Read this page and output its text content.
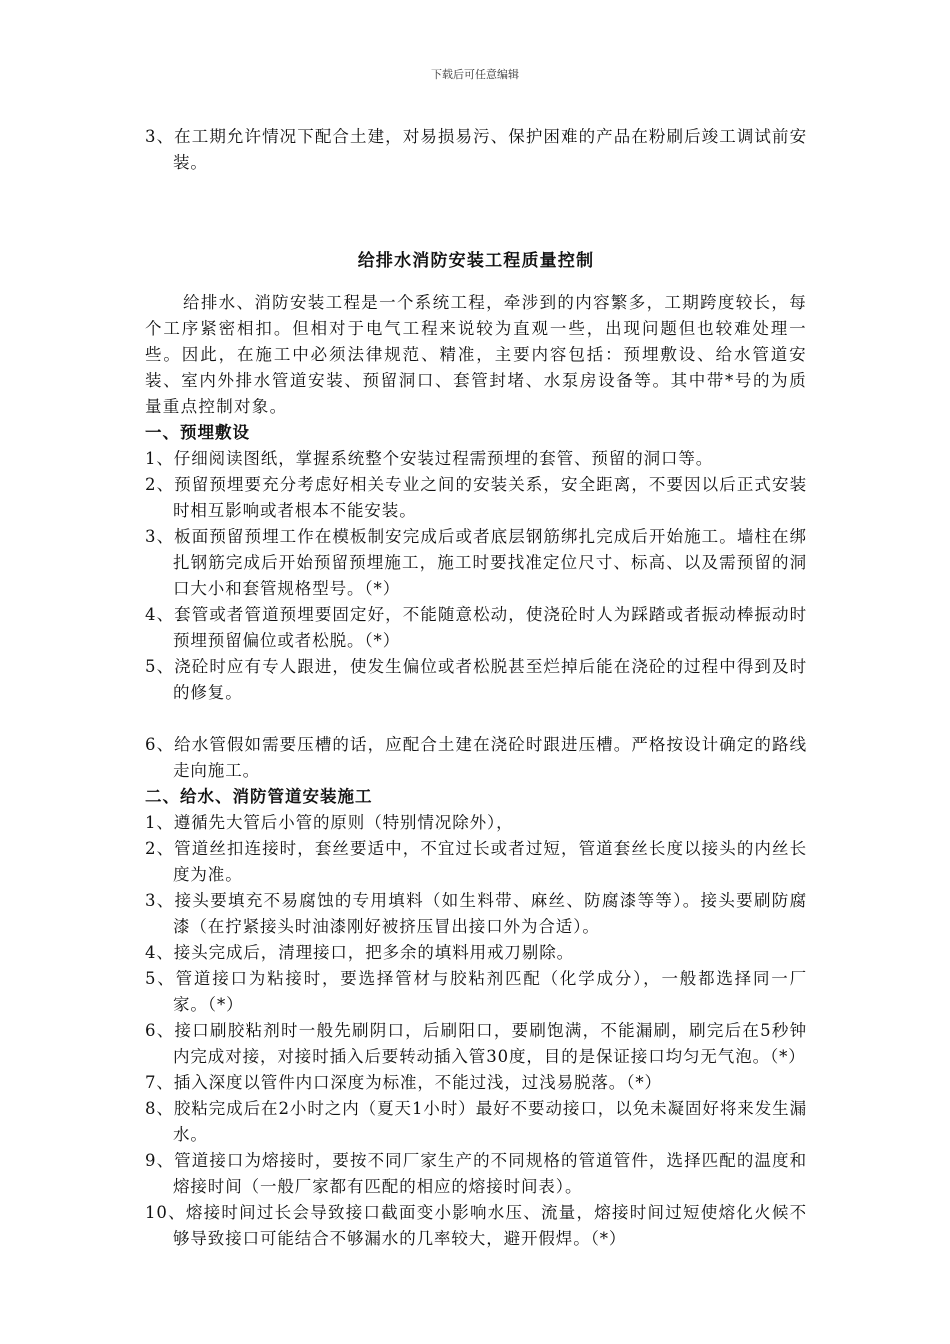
下载后可任意编辑
3、在工期允许情况下配合土建，对易损易污、保护困难的产品在粉刷后竣工调试前安装。
给排水消防安装工程质量控制
给排水、消防安装工程是一个系统工程，牵涉到的内容繁多，工期跨度较长，每个工序紧密相扣。但相对于电气工程来说较为直观一些，出现问题但也较难处理一些。因此，在施工中必须法律规范、精准，主要内容包括：预埋敷设、给水管道安装、室内外排水管道安装、预留洞口、套管封堵、水泵房设备等。其中带*号的为质量重点控制对象。
一、预埋敷设
1、仔细阅读图纸，掌握系统整个安装过程需预埋的套管、预留的洞口等。
2、预留预埋要充分考虑好相关专业之间的安装关系，安全距离，不要因以后正式安装时相互影响或者根本不能安装。
3、板面预留预埋工作在模板制安完成后或者底层钢筋绑扎完成后开始施工。墙柱在绑扎钢筋完成后开始预留预埋施工，施工时要找准定位尺寸、标高、以及需预留的洞口大小和套管规格型号。（*）
4、套管或者管道预埋要固定好，不能随意松动，使浇砼时人为踩踏或者振动棒振动时预埋预留偏位或者松脱。（*）
5、浇砼时应有专人跟进，使发生偏位或者松脱甚至烂掉后能在浇砼的过程中得到及时的修复。
6、给水管假如需要压槽的话，应配合土建在浇砼时跟进压槽。严格按设计确定的路线走向施工。
二、给水、消防管道安装施工
1、遵循先大管后小管的原则（特别情况除外），
2、管道丝扣连接时，套丝要适中，不宜过长或者过短，管道套丝长度以接头的内丝长度为准。
3、接头要填充不易腐蚀的专用填料（如生料带、麻丝、防腐漆等等）。接头要刷防腐漆（在拧紧接头时油漆刚好被挤压冒出接口外为合适）。
4、接头完成后，清理接口，把多余的填料用戒刀剔除。
5、管道接口为粘接时，要选择管材与胶粘剂匹配（化学成分），一般都选择同一厂家。（*）
6、接口刷胶粘剂时一般先刷阴口，后刷阳口，要刷饱满，不能漏刷，刷完后在5秒钟内完成对接，对接时插入后要转动插入管30度，目的是保证接口均匀无气泡。（*）
7、插入深度以管件内口深度为标准，不能过浅，过浅易脱落。（*）
8、胶粘完成后在2小时之内（夏天1小时）最好不要动接口，以免未凝固好将来发生漏水。
9、管道接口为熔接时，要按不同厂家生产的不同规格的管道管件，选择匹配的温度和熔接时间（一般厂家都有匹配的相应的熔接时间表）。
10、熔接时间过长会导致接口截面变小影响水压、流量，熔接时间过短使熔化火候不够导致接口可能结合不够漏水的几率较大，避开假焊。（*）
